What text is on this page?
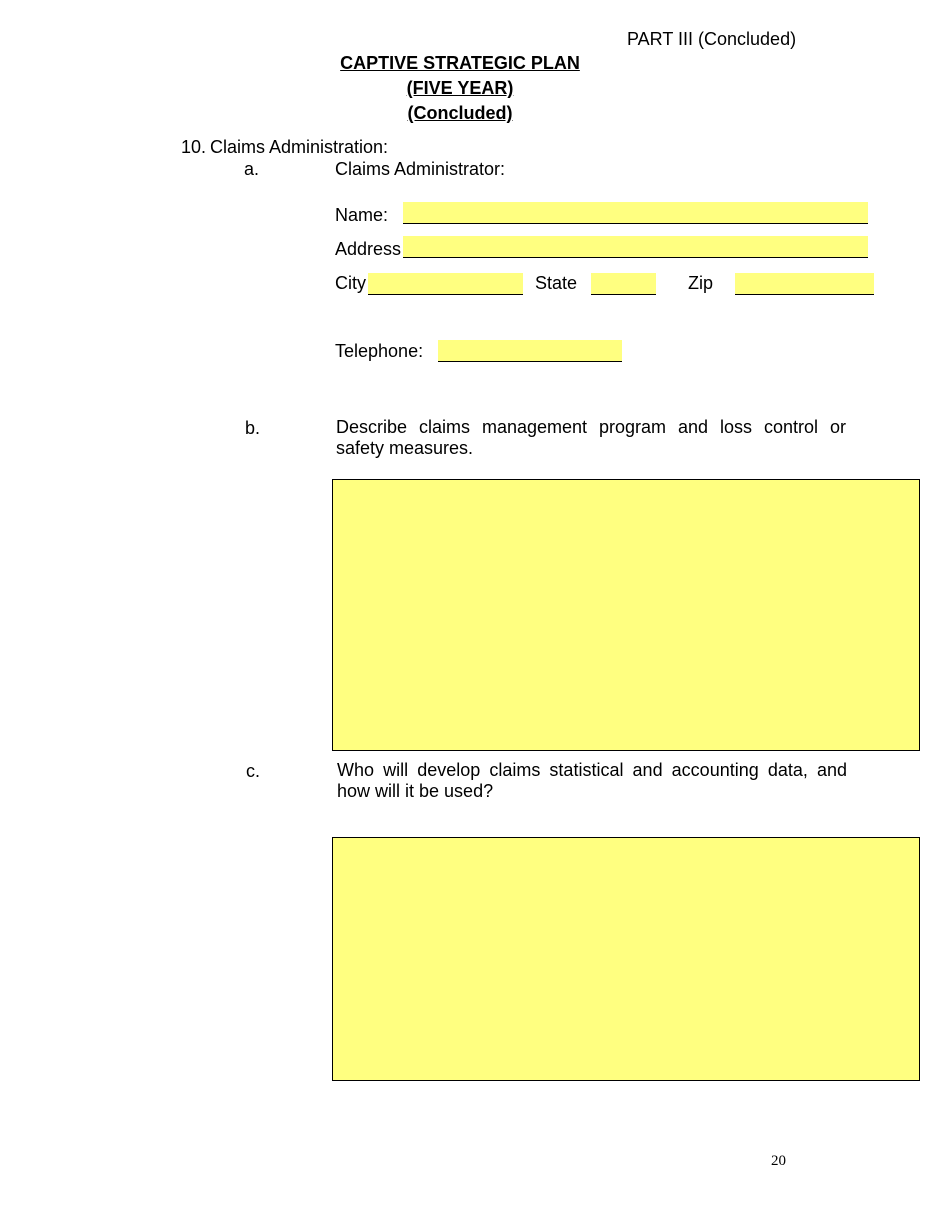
PART III (Concluded)
CAPTIVE STRATEGIC PLAN
(FIVE YEAR)
(Concluded)
10. Claims Administration:
a.	Claims Administrator:
Name:
Address
City	State	Zip
Telephone:
b.	Describe claims management program and loss control or safety measures.
c.	Who will develop claims statistical and accounting data, and how will it be used?
20
